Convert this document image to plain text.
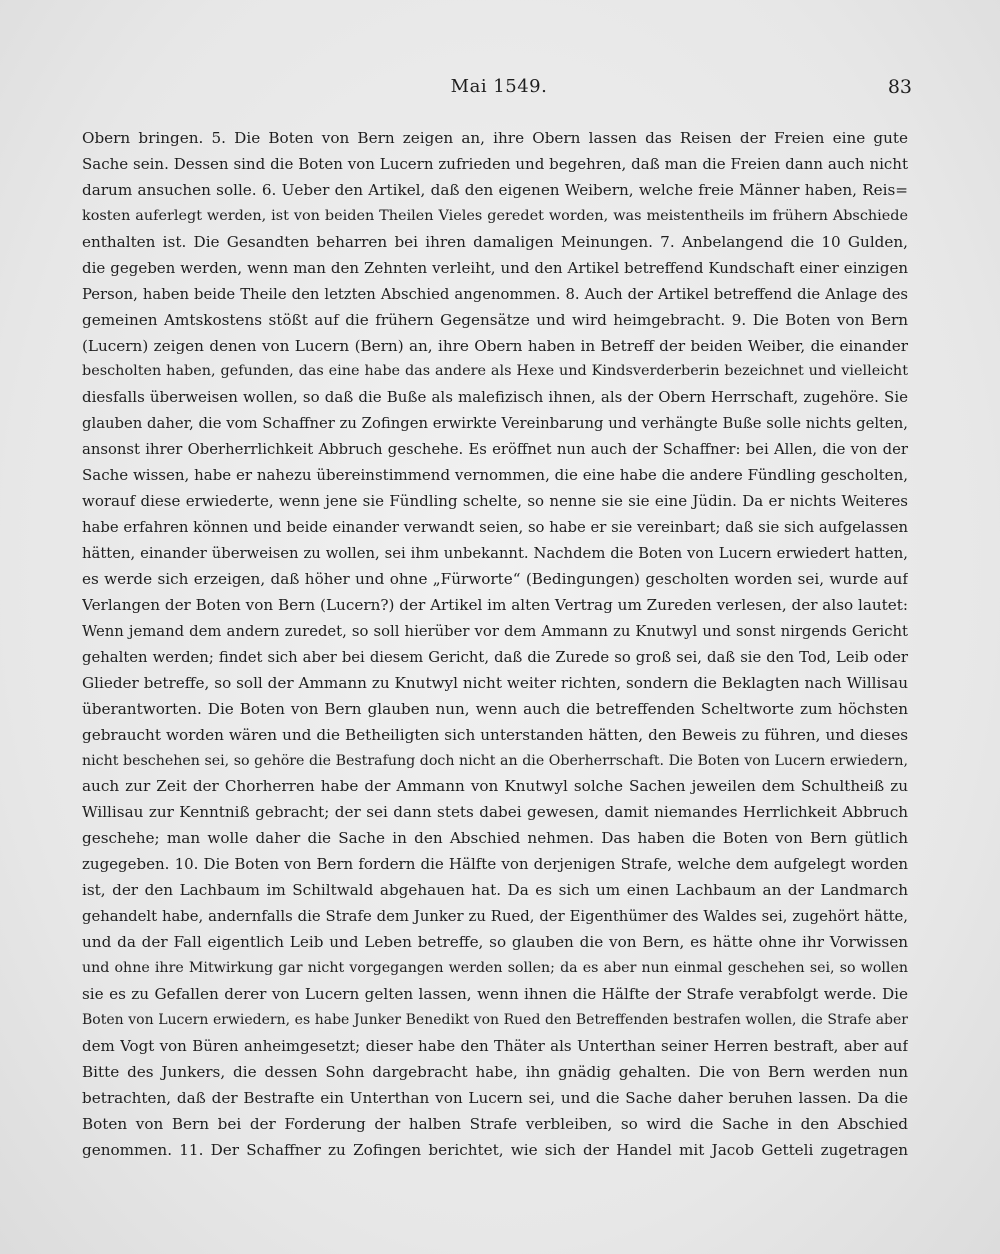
Mai 1549.	83
Obern bringen. 5. Die Boten von Bern zeigen an, ihre Obern lassen das Reisen der Freien eine gute
Sache sein. Dessen sind die Boten von Lucern zufrieden und begehren, daß man die Freien dann auch nicht
darum ansuchen solle. 6. Ueber den Artikel, daß den eigenen Weibern, welche freie Männer haben, Reis=
kosten auferlegt werden, ist von beiden Theilen Vieles geredet worden, was meistentheils im frühern Abschiede
enthalten ist. Die Gesandten beharren bei ihren damaligen Meinungen. 7. Anbelangend die 10 Gulden,
die gegeben werden, wenn man den Zehnten verleiht, und den Artikel betreffend Kundschaft einer einzigen
Person, haben beide Theile den letzten Abschied angenommen. 8. Auch der Artikel betreffend die Anlage des
gemeinen Amtskostens stößt auf die frühern Gegensätze und wird heimgebracht. 9. Die Boten von Bern
(Lucern) zeigen denen von Lucern (Bern) an, ihre Obern haben in Betreff der beiden Weiber, die einander
bescholten haben, gefunden, das eine habe das andere als Hexe und Kindsverderberin bezeichnet und vielleicht
diesfalls überweisen wollen, so daß die Buße als malefizisch ihnen, als der Obern Herrschaft, zugehöre. Sie
glauben daher, die vom Schaffner zu Zofingen erwirkte Vereinbarung und verhängte Buße solle nichts gelten,
ansonst ihrer Oberherrlichkeit Abbruch geschehe. Es eröffnet nun auch der Schaffner: bei Allen, die von der
Sache wissen, habe er nahezu übereinstimmend vernommen, die eine habe die andere Fündling gescholten,
worauf diese erwiederte, wenn jene sie Fündling schelte, so nenne sie sie eine Jüdin. Da er nichts Weiteres
habe erfahren können und beide einander verwandt seien, so habe er sie vereinbart; daß sie sich aufgelassen
hätten, einander überweisen zu wollen, sei ihm unbekannt. Nachdem die Boten von Lucern erwiedert hatten,
es werde sich erzeigen, daß höher und ohne „Fürworte“ (Bedingungen) gescholten worden sei, wurde auf
Verlangen der Boten von Bern (Lucern?) der Artikel im alten Vertrag um Zureden verlesen, der also lautet:
Wenn jemand dem andern zuredet, so soll hierüber vor dem Ammann zu Knutwyl und sonst nirgends Gericht
gehalten werden; findet sich aber bei diesem Gericht, daß die Zurede so groß sei, daß sie den Tod, Leib oder
Glieder betreffe, so soll der Ammann zu Knutwyl nicht weiter richten, sondern die Beklagten nach Willisau
überantworten. Die Boten von Bern glauben nun, wenn auch die betreffenden Scheltworte zum höchsten
gebraucht worden wären und die Betheiligten sich unterstanden hätten, den Beweis zu führen, und dieses
nicht beschehen sei, so gehöre die Bestrafung doch nicht an die Oberherrschaft. Die Boten von Lucern erwiedern,
auch zur Zeit der Chorherren habe der Ammann von Knutwyl solche Sachen jeweilen dem Schultheiß zu
Willisau zur Kenntniß gebracht; der sei dann stets dabei gewesen, damit niemandes Herrlichkeit Abbruch
geschehe; man wolle daher die Sache in den Abschied nehmen. Das haben die Boten von Bern gütlich
zugegeben. 10. Die Boten von Bern fordern die Hälfte von derjenigen Strafe, welche dem aufgelegt worden
ist, der den Lachbaum im Schiltwald abgehauen hat. Da es sich um einen Lachbaum an der Landmarch
gehandelt habe, andernfalls die Strafe dem Junker zu Rued, der Eigenthümer des Waldes sei, zugehört hätte,
und da der Fall eigentlich Leib und Leben betreffe, so glauben die von Bern, es hätte ohne ihr Vorwissen
und ohne ihre Mitwirkung gar nicht vorgegangen werden sollen; da es aber nun einmal geschehen sei, so wollen
sie es zu Gefallen derer von Lucern gelten lassen, wenn ihnen die Hälfte der Strafe verabfolgt werde. Die
Boten von Lucern erwiedern, es habe Junker Benedikt von Rued den Betreffenden bestrafen wollen, die Strafe aber
dem Vogt von Büren anheimgesetzt; dieser habe den Thäter als Unterthan seiner Herren bestraft, aber auf
Bitte des Junkers, die dessen Sohn dargebracht habe, ihn gnädig gehalten. Die von Bern werden nun
betrachten, daß der Bestrafte ein Unterthan von Lucern sei, und die Sache daher beruhen lassen. Da die
Boten von Bern bei der Forderung der halben Strafe verbleiben, so wird die Sache in den Abschied
genommen. 11. Der Schaffner zu Zofingen berichtet, wie sich der Handel mit Jacob Getteli zugetragen
